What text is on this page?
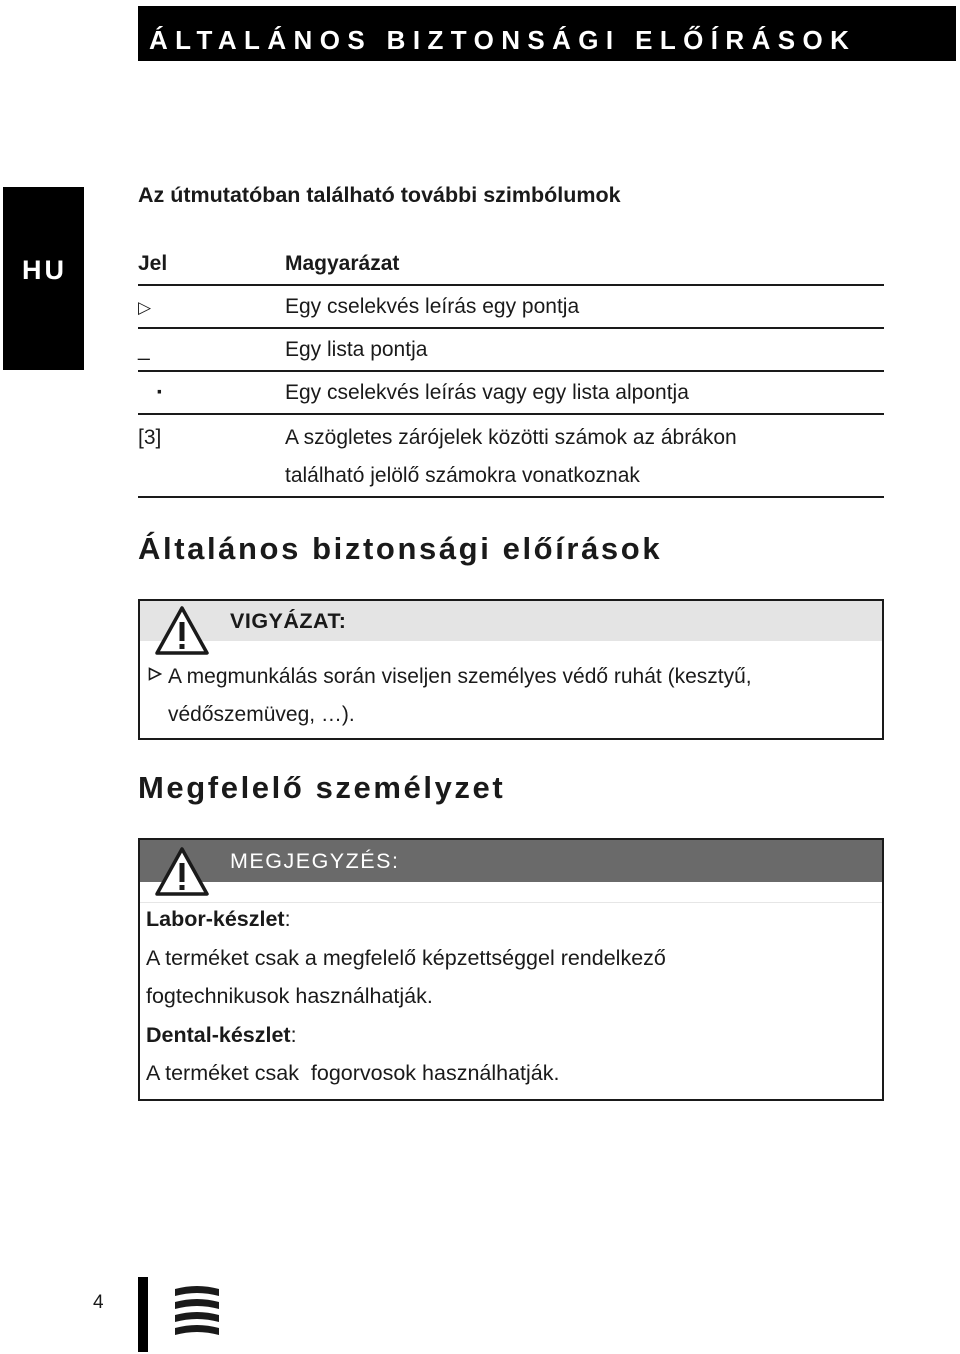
ÁLTALÁNOS BIZTONSÁGI ELŐÍRÁSOK
HU
Az útmutatóban található további szimbólumok
Jel	Magyarázat
▷	Egy cselekvés leírás egy pontja
_	Egy lista pontja
·	Egy cselekvés leírás vagy egy lista alpontja
[3]	A szögletes zárójelek közötti számok az ábrákon
található jelölő számokra vonatkoznak
Általános biztonsági előírások
VIGYÁZAT:
A megmunkálás során viseljen személyes védő ruhát (kesztyű,
védőszemüveg, …).
Megfelelő személyzet
MEGJEGYZÉS:
Labor-készlet:
A terméket csak a megfelelő képzettséggel rendelkező
fogtechnikusok használhatják.
Dental-készlet:
A terméket csak  fogorvosok használhatják.
4
